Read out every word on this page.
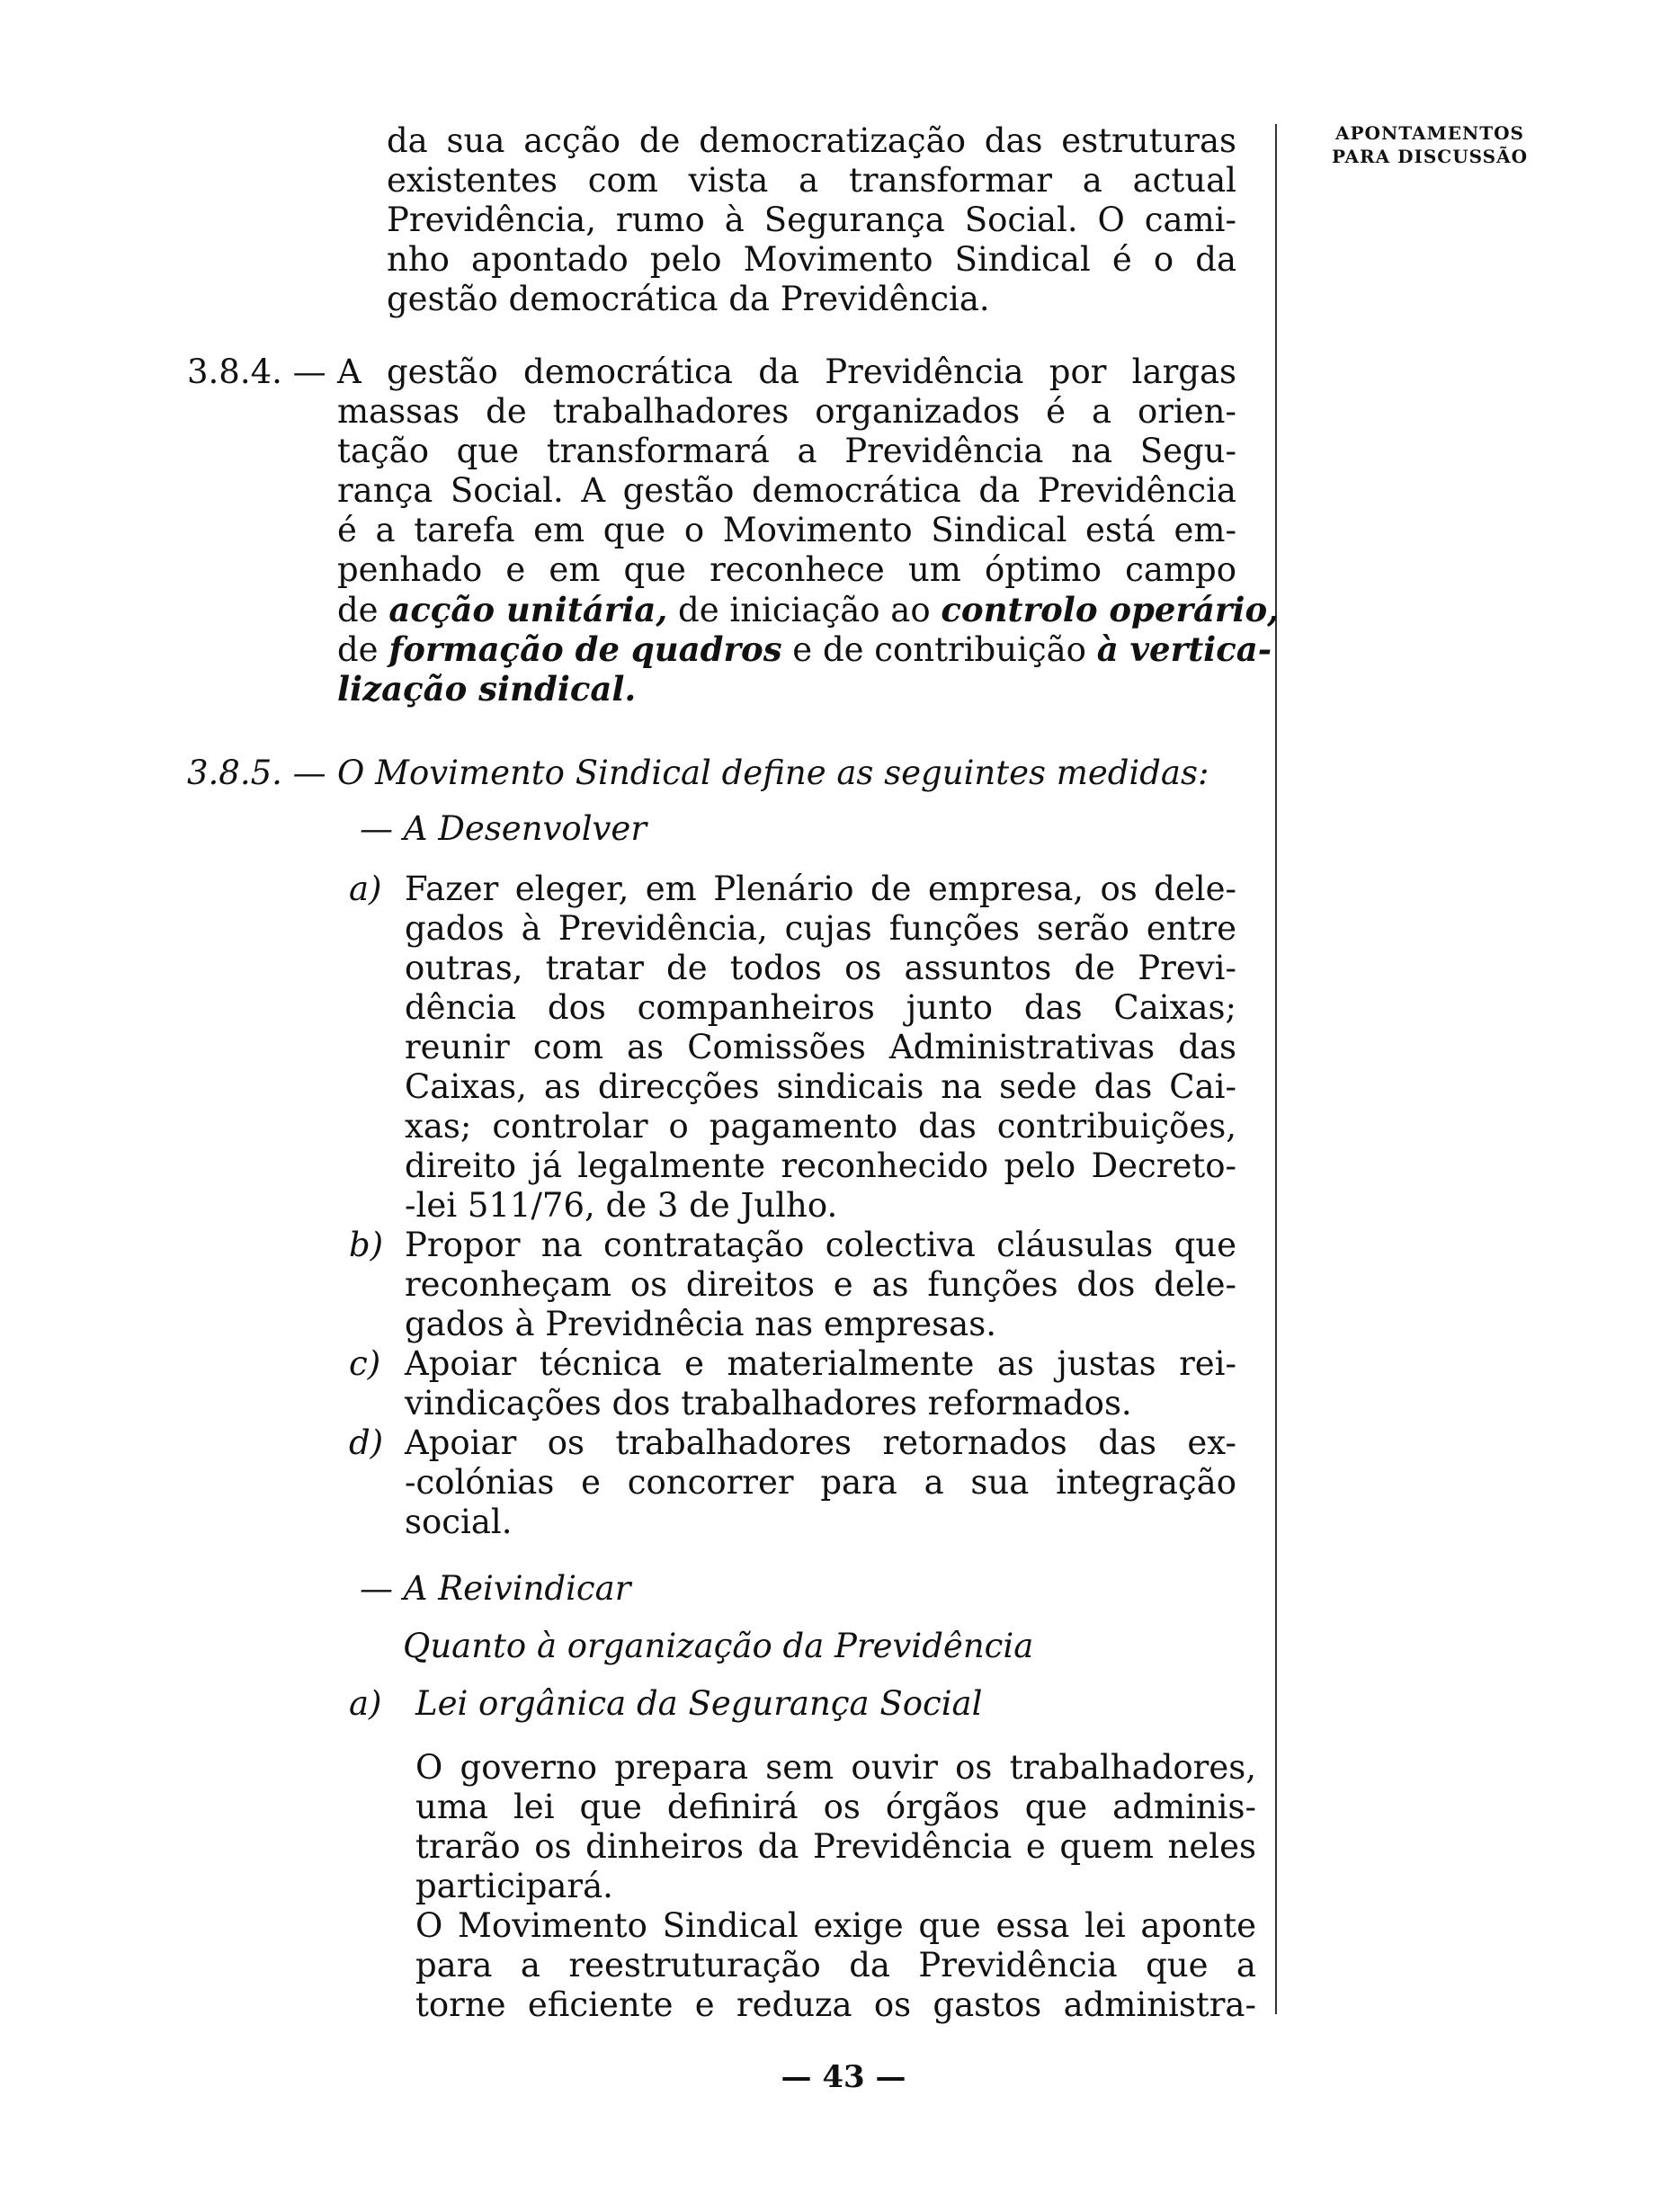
APONTAMENTOS
PARA DISCUSSÃO
da sua acção de democratização das estruturas
existentes com vista a transformar a actual
Previdência, rumo à Segurança Social. O cami-
nho apontado pelo Movimento Sindical é o da
gestão democrática da Previdência.
3.8.4. — A gestão democrática da Previdência por largas
massas de trabalhadores organizados é a orien-
tação que transformará a Previdência na Segu-
rança Social. A gestão democrática da Previdência
é a tarefa em que o Movimento Sindical está em-
penhado e em que reconhece um óptimo campo
de acção unitária, de iniciação ao controlo operário,
de formação de quadros e de contribuição à vertica-
lização sindical.
3.8.5. — O Movimento Sindical define as seguintes medidas:
— A Desenvolver
a) Fazer eleger, em Plenário de empresa, os dele-
gados à Previdência, cujas funções serão entre
outras, tratar de todos os assuntos de Previ-
dência dos companheiros junto das Caixas;
reunir com as Comissões Administrativas das
Caixas, as direcções sindicais na sede das Cai-
xas; controlar o pagamento das contribuições,
direito já legalmente reconhecido pelo Decreto-
-lei 511/76, de 3 de Julho.
b) Propor na contratação colectiva cláusulas que
reconheçam os direitos e as funções dos dele-
gados à Previdnêcia nas empresas.
c) Apoiar técnica e materialmente as justas rei-
vindicações dos trabalhadores reformados.
d) Apoiar os trabalhadores retornados das ex-
-colónias e concorrer para a sua integração
social.
— A Reivindicar
Quanto à organização da Previdência
a) Lei orgânica da Segurança Social
O governo prepara sem ouvir os trabalhadores,
uma lei que definirá os órgãos que adminis-
trarão os dinheiros da Previdência e quem neles
participará.
O Movimento Sindical exige que essa lei aponte
para a reestruturação da Previdência que a
torne eficiente e reduza os gastos administra-
— 43 —
